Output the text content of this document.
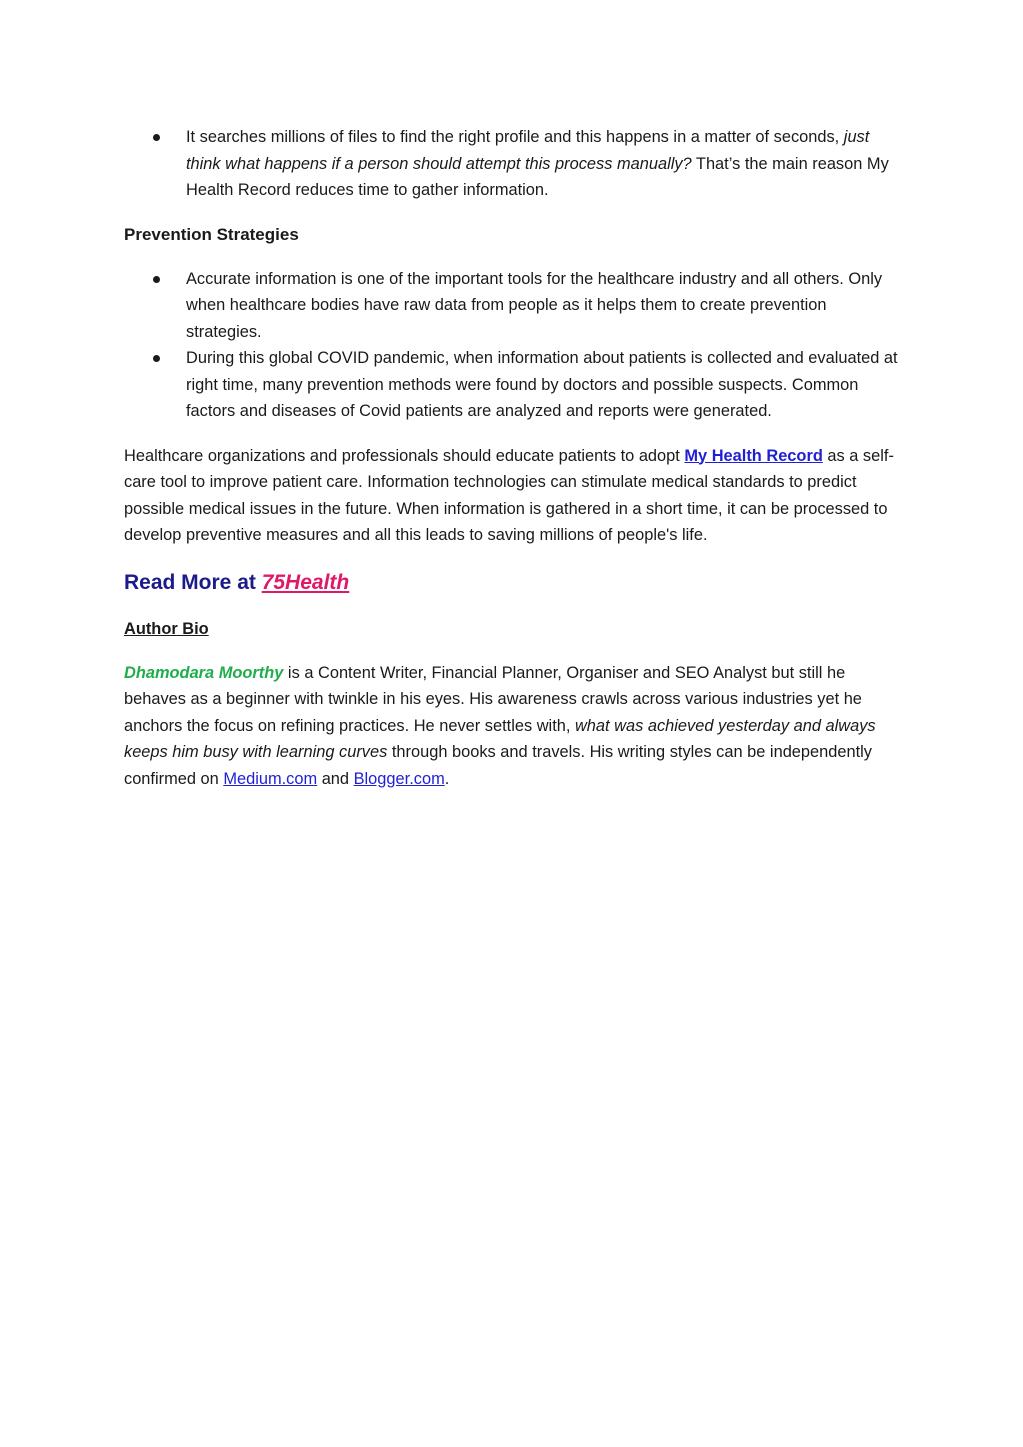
It searches millions of files to find the right profile and this happens in a matter of seconds, just think what happens if a person should attempt this process manually? That’s the main reason My Health Record reduces time to gather information.
Prevention Strategies
Accurate information is one of the important tools for the healthcare industry and all others. Only when healthcare bodies have raw data from people as it helps them to create prevention strategies.
During this global COVID pandemic, when information about patients is collected and evaluated at right time, many prevention methods were found by doctors and possible suspects. Common factors and diseases of Covid patients are analyzed and reports were generated.

Healthcare organizations and professionals should educate patients to adopt My Health Record as a self-care tool to improve patient care. Information technologies can stimulate medical standards to predict possible medical issues in the future. When information is gathered in a short time, it can be processed to develop preventive measures and all this leads to saving millions of people's life.

Read More at 75Health
Author Bio

Dhamodara Moorthy is a Content Writer, Financial Planner, Organiser and SEO Analyst but still he behaves as a beginner with twinkle in his eyes. His awareness crawls across various industries yet he anchors the focus on refining practices. He never settles with, what was achieved yesterday and always keeps him busy with learning curves through books and travels. His writing styles can be independently confirmed on Medium.com and Blogger.com.
